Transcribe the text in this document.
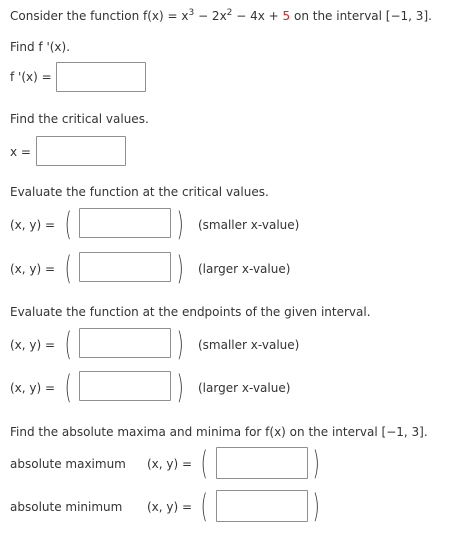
Consider the function $f(x) = x^3 - 2x^2 - 4x + 5$ on the interval [−1, 3].
Find f '(x).
f '(x) =
Find the critical values.
x =
Evaluate the function at the critical values.
(x, y) = (	) (smaller x-value)
(x, y) = (	) (larger x-value)
Evaluate the function at the endpoints of the given interval.
(x, y) = (	) (smaller x-value)
(x, y) = (	) (larger x-value)
Find the absolute maxima and minima for f(x) on the interval [−1, 3].
absolute maximum (x, y) = (	)
absolute minimum (x, y) = (	)
